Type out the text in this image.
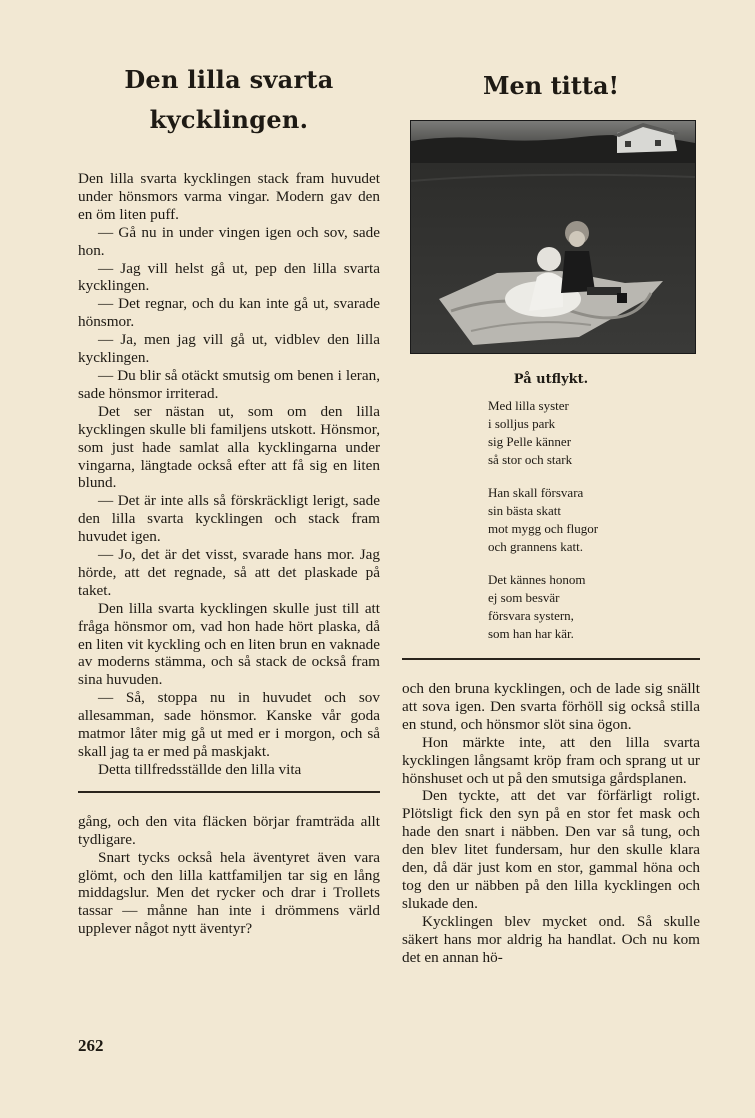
Den lilla svarta kycklingen.

Den lilla svarta kycklingen stack fram huvudet under hönsmors varma vingar. Modern gav den en öm liten puff.

— Gå nu in under vingen igen och sov, sade hon.

— Jag vill helst gå ut, pep den lilla svarta kycklingen.

— Det regnar, och du kan inte gå ut, svarade hönsmor.

— Ja, men jag vill gå ut, vidblev den lilla kycklingen.

— Du blir så otäckt smutsig om benen i leran, sade hönsmor irriterad.

Det ser nästan ut, som om den lilla kycklingen skulle bli familjens utskott. Hönsmor, som just hade samlat alla kycklingarna under vingarna, längtade också efter att få sig en liten blund.

— Det är inte alls så förskräckligt lerigt, sade den lilla svarta kycklingen och stack fram huvudet igen.

— Jo, det är det visst, svarade hans mor. Jag hörde, att det regnade, så att det plaskade på taket.

Den lilla svarta kycklingen skulle just till att fråga hönsmor om, vad hon hade hört plaska, då en liten vit kyckling och en liten brun en vaknade av moderns stämma, och så stack de också fram sina huvuden.

— Så, stoppa nu in huvudet och sov allesamman, sade hönsmor. Kanske vår goda matmor låter mig gå ut med er i morgon, och så skall jag ta er med på maskjakt.

Detta tillfredsställde den lilla vita

gång, och den vita fläcken börjar framträda allt tydligare.

Snart tycks också hela äventyret även vara glömt, och den lilla kattfamiljen tar sig en lång middagslur. Men det rycker och drar i Trollets tassar — månne han inte i drömmens värld upplever något nytt äventyr?

Men titta!
På utflykt.
Med lilla syster
i solljus park
sig Pelle känner
så stor och stark
Han skall försvara
sin bästa skatt
mot mygg och flugor
och grannens katt.
Det kännes honom
ej som besvär
försvara systern,
som han har kär.

och den bruna kycklingen, och de lade sig snällt att sova igen. Den svarta förhöll sig också stilla en stund, och hönsmor slöt sina ögon.

Hon märkte inte, att den lilla svarta kycklingen långsamt kröp fram och sprang ut ur hönshuset och ut på den smutsiga gårdsplanen.

Den tyckte, att det var förfärligt roligt. Plötsligt fick den syn på en stor fet mask och hade den snart i näbben. Den var så tung, och den blev litet fundersam, hur den skulle klara den, då där just kom en stor, gammal höna och tog den ur näbben på den lilla kycklingen och slukade den.

Kycklingen blev mycket ond. Så skulle säkert hans mor aldrig ha handlat. Och nu kom det en annan hö-

262
